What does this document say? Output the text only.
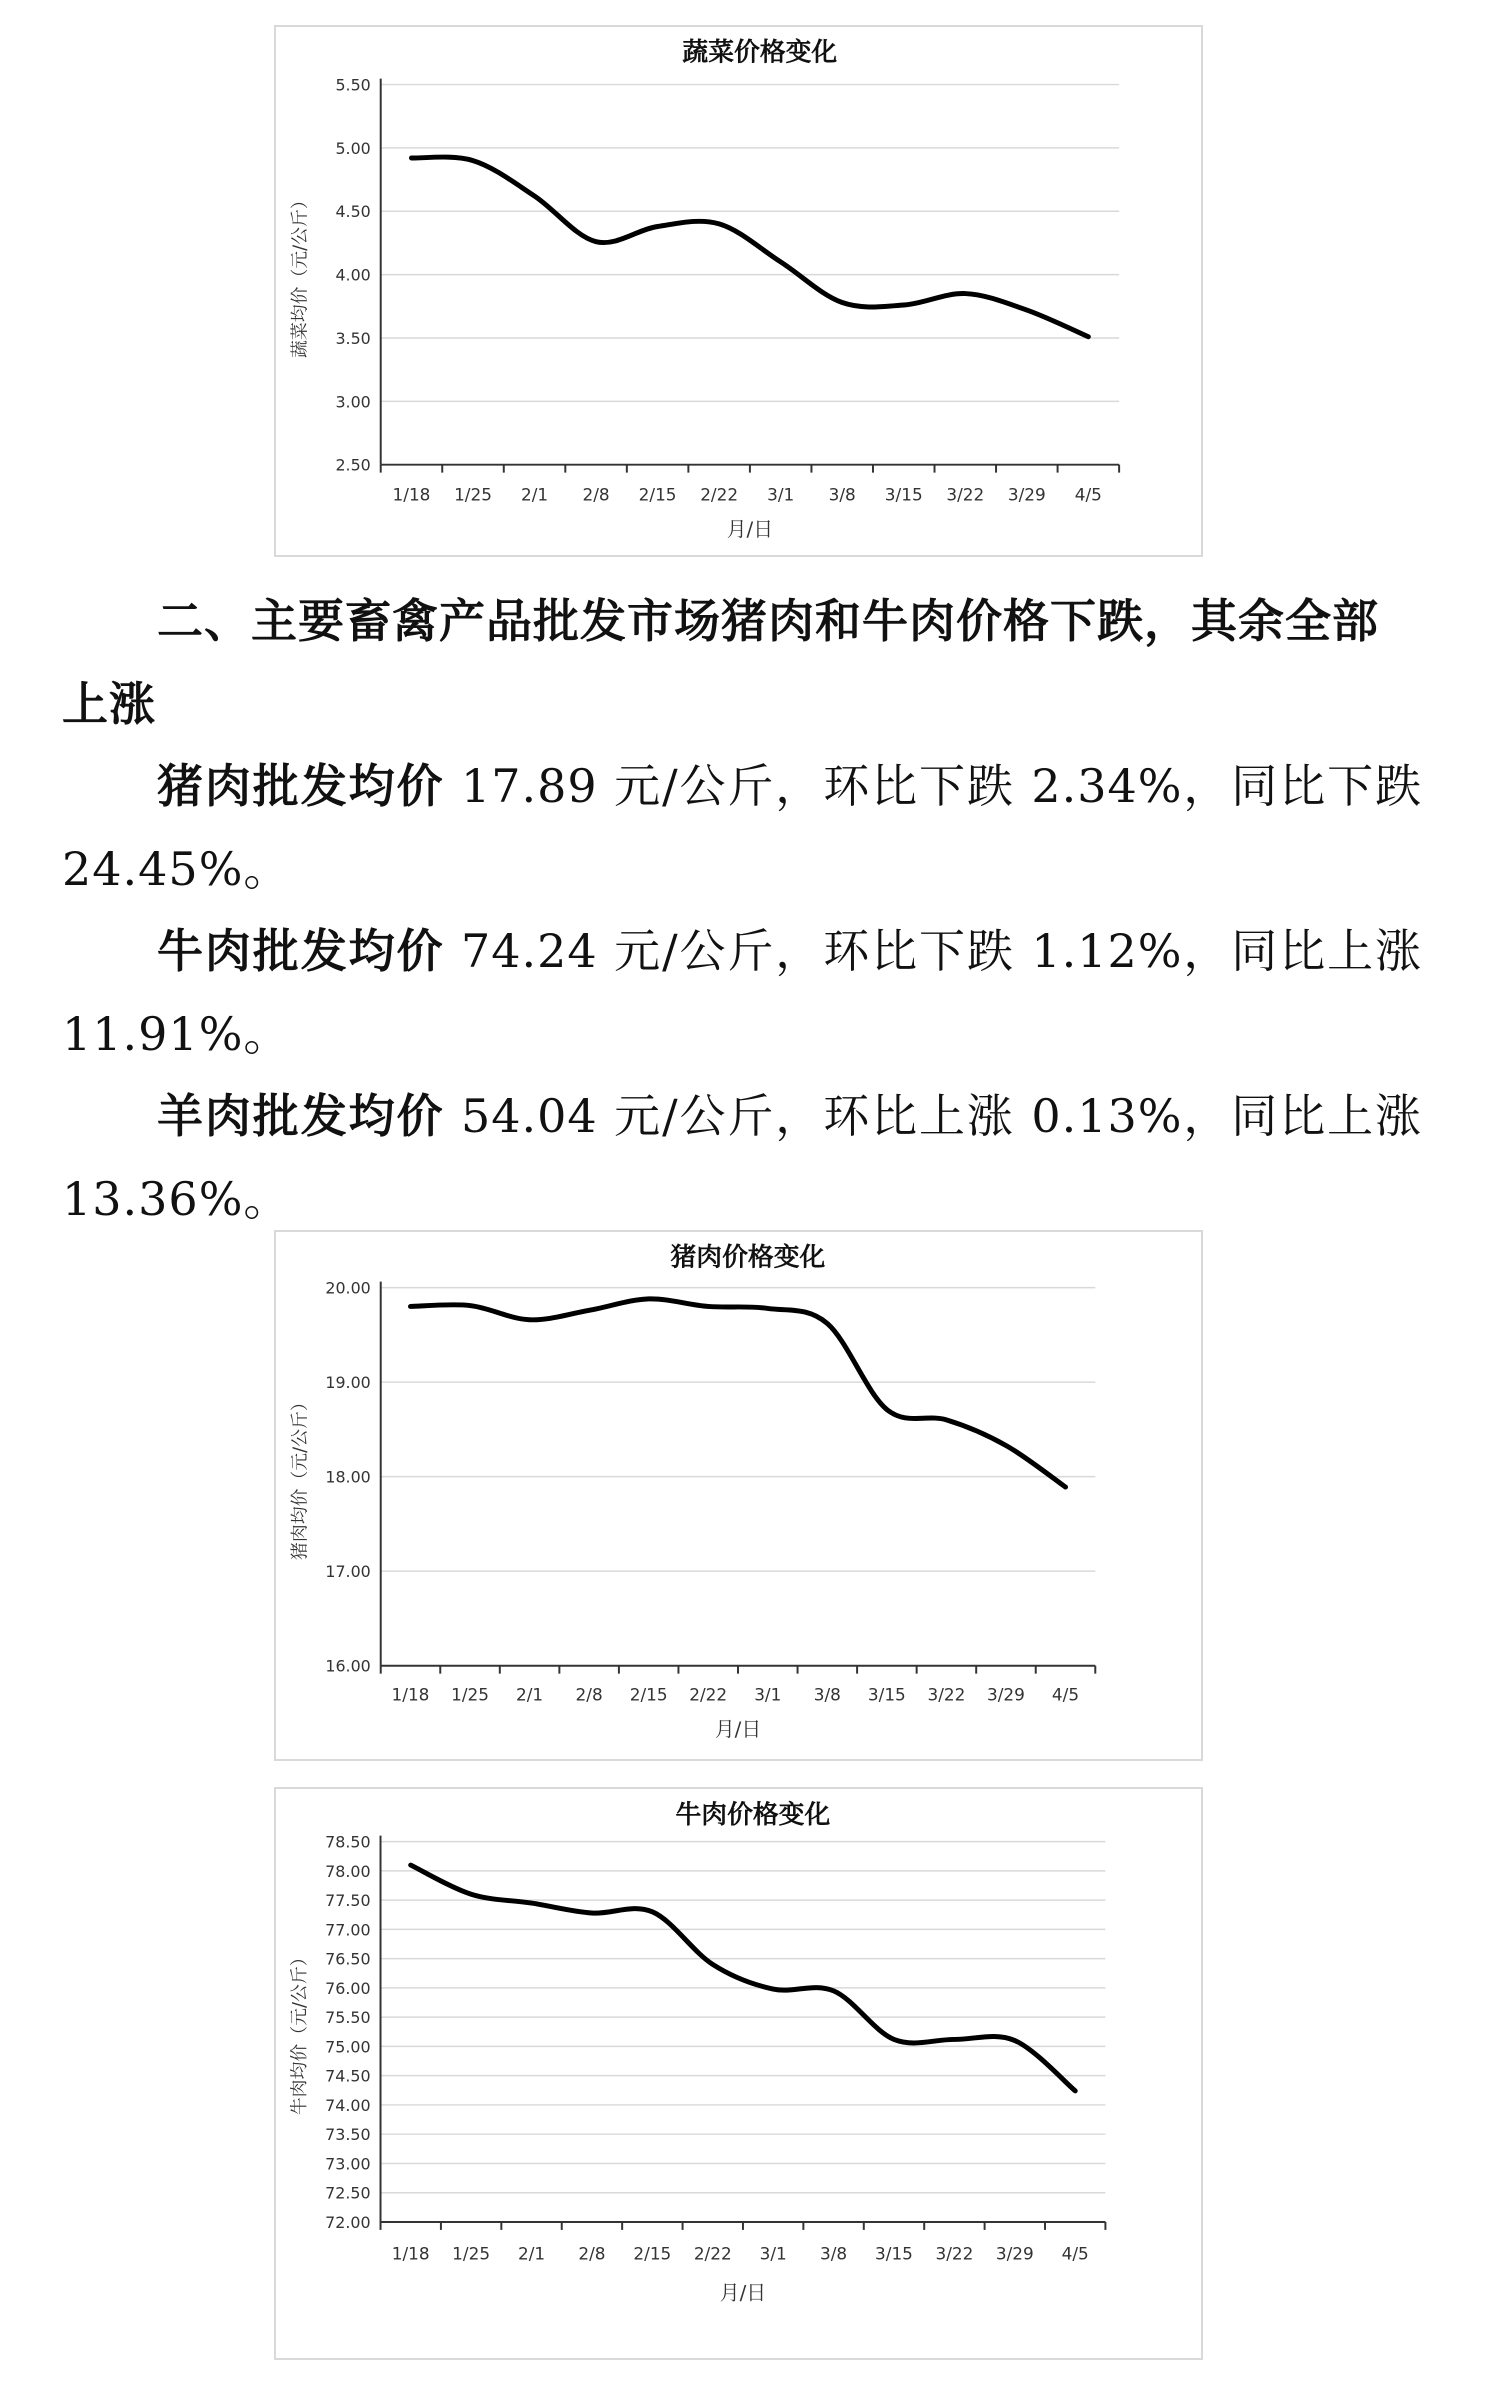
蔬菜价格变化
2.50
3.00
3.50
4.00
4.50
5.00
5.50
1/18 1/25 2/1 2/8 2/15 2/22 3/1 3/8 3/15 3/22 3/29 4/5
月/日
蔬菜均价（元/公斤）
二、主要畜禽产品批发市场猪肉和牛肉价格下跌，其余全部上涨

猪肉批发均价 17.89 元/公斤，环比下跌 2.34%，同比下跌 24.45%。

牛肉批发均价 74.24 元/公斤，环比下跌 1.12%，同比上涨 11.91%。

羊肉批发均价 54.04 元/公斤，环比上涨 0.13%，同比上涨 13.36%。

猪肉价格变化
16.00
17.00
18.00
19.00
20.00
1/18 1/25 2/1 2/8 2/15 2/22 3/1 3/8 3/15 3/22 3/29 4/5
月/日
猪肉均价（元/公斤）
牛肉价格变化
72.00
72.50
73.00
73.50
74.00
74.50
75.00
75.50
76.00
76.50
77.00
77.50
78.00
78.50
1/18 1/25 2/1 2/8 2/15 2/22 3/1 3/8 3/15 3/22 3/29 4/5
月/日
牛肉均价（元/公斤）
